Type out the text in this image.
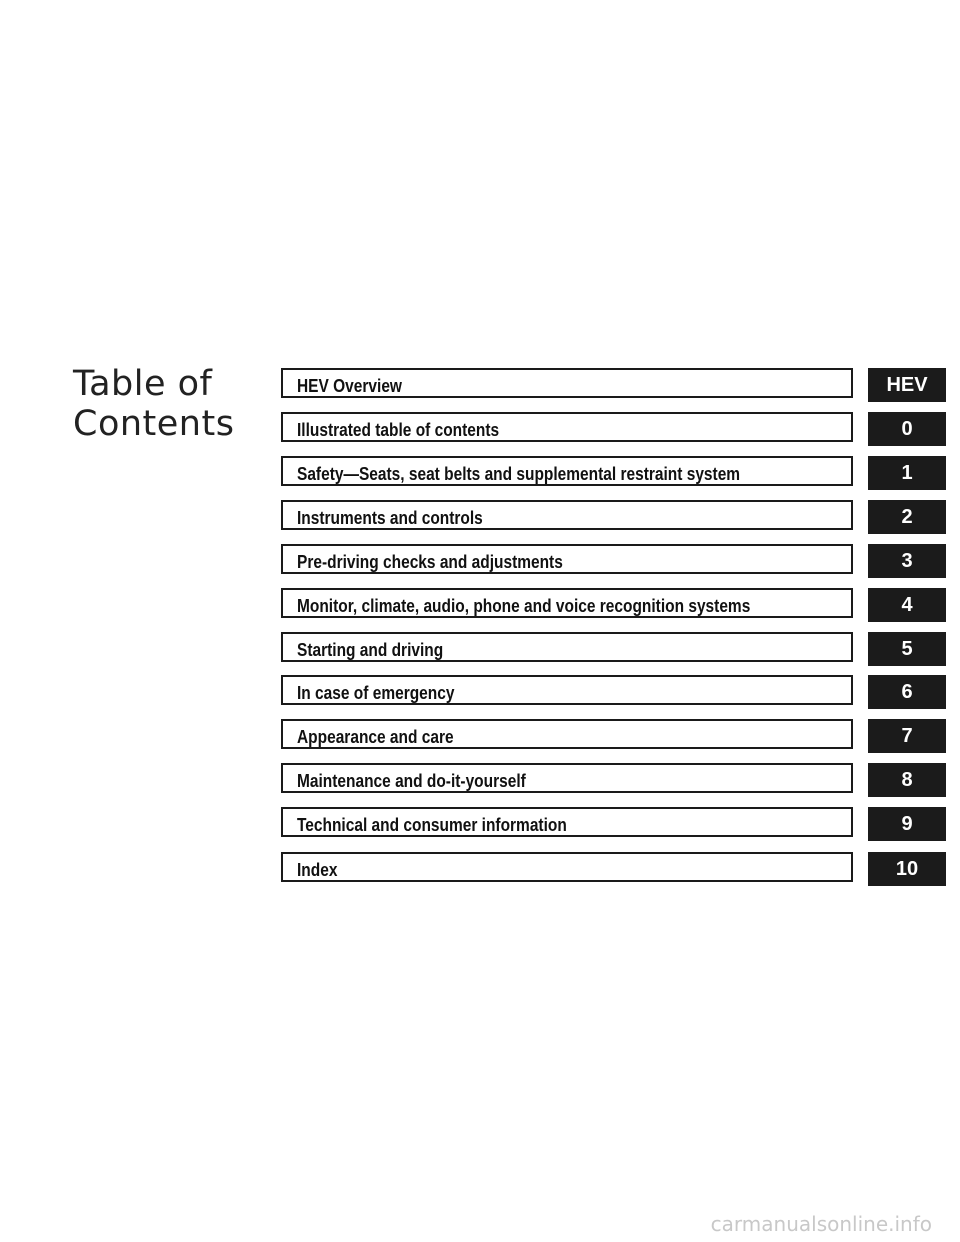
Table of
Contents
HEV Overview	HEV
Illustrated table of contents	0
Safety—Seats, seat belts and supplemental restraint system	1
Instruments and controls	2
Pre-driving checks and adjustments	3
Monitor, climate, audio, phone and voice recognition systems	4
Starting and driving	5
In case of emergency	6
Appearance and care	7
Maintenance and do-it-yourself	8
Technical and consumer information	9
Index	10
carmanualsonline.info
